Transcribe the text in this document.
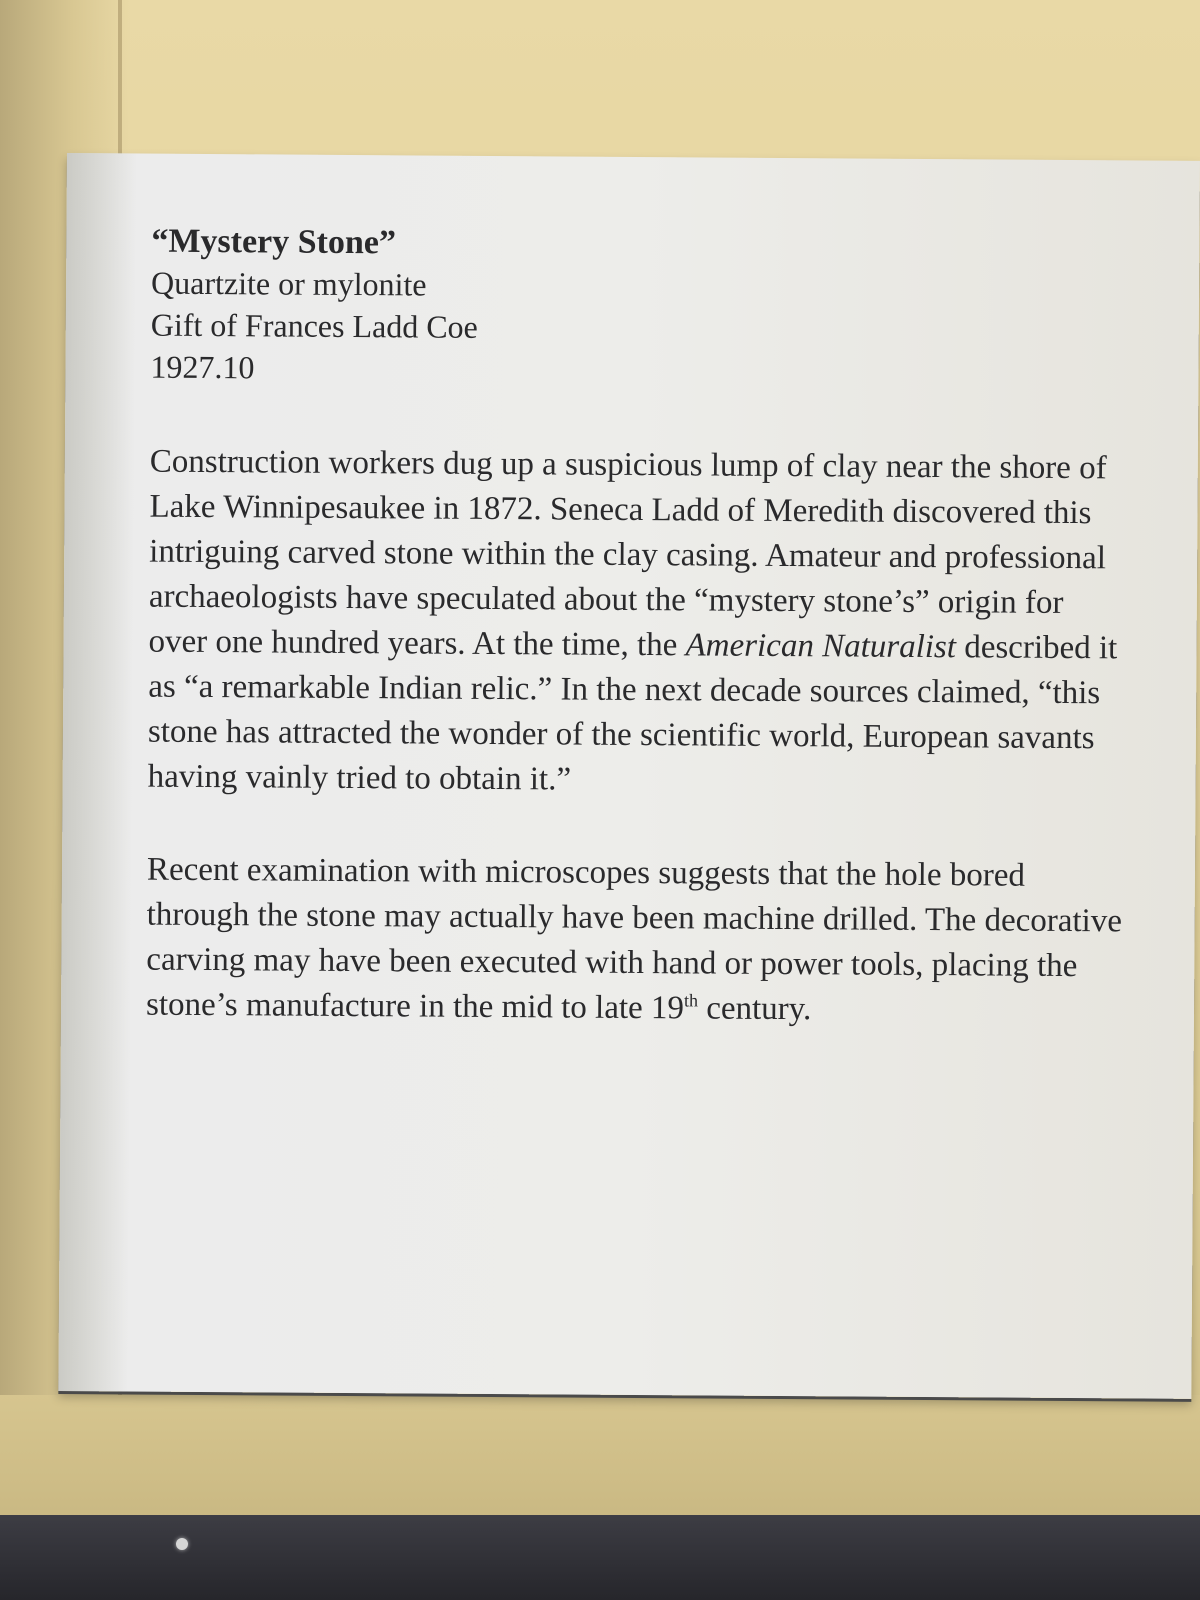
“Mystery Stone”

Quartzite or mylonite

Gift of Frances Ladd Coe

1927.10

Construction workers dug up a suspicious lump of clay near the shore of Lake Winnipesaukee in 1872. Seneca Ladd of Meredith discovered this intriguing carved stone within the clay casing. Amateur and professional archaeologists have speculated about the “mystery stone’s” origin for over one hundred years. At the time, the American Naturalist described it as “a remarkable Indian relic.” In the next decade sources claimed, “this stone has attracted the wonder of the scientific world, European savants having vainly tried to obtain it.”

Recent examination with microscopes suggests that the hole bored through the stone may actually have been machine drilled. The decorative carving may have been executed with hand or power tools, placing the stone’s manufacture in the mid to late 19th century.
